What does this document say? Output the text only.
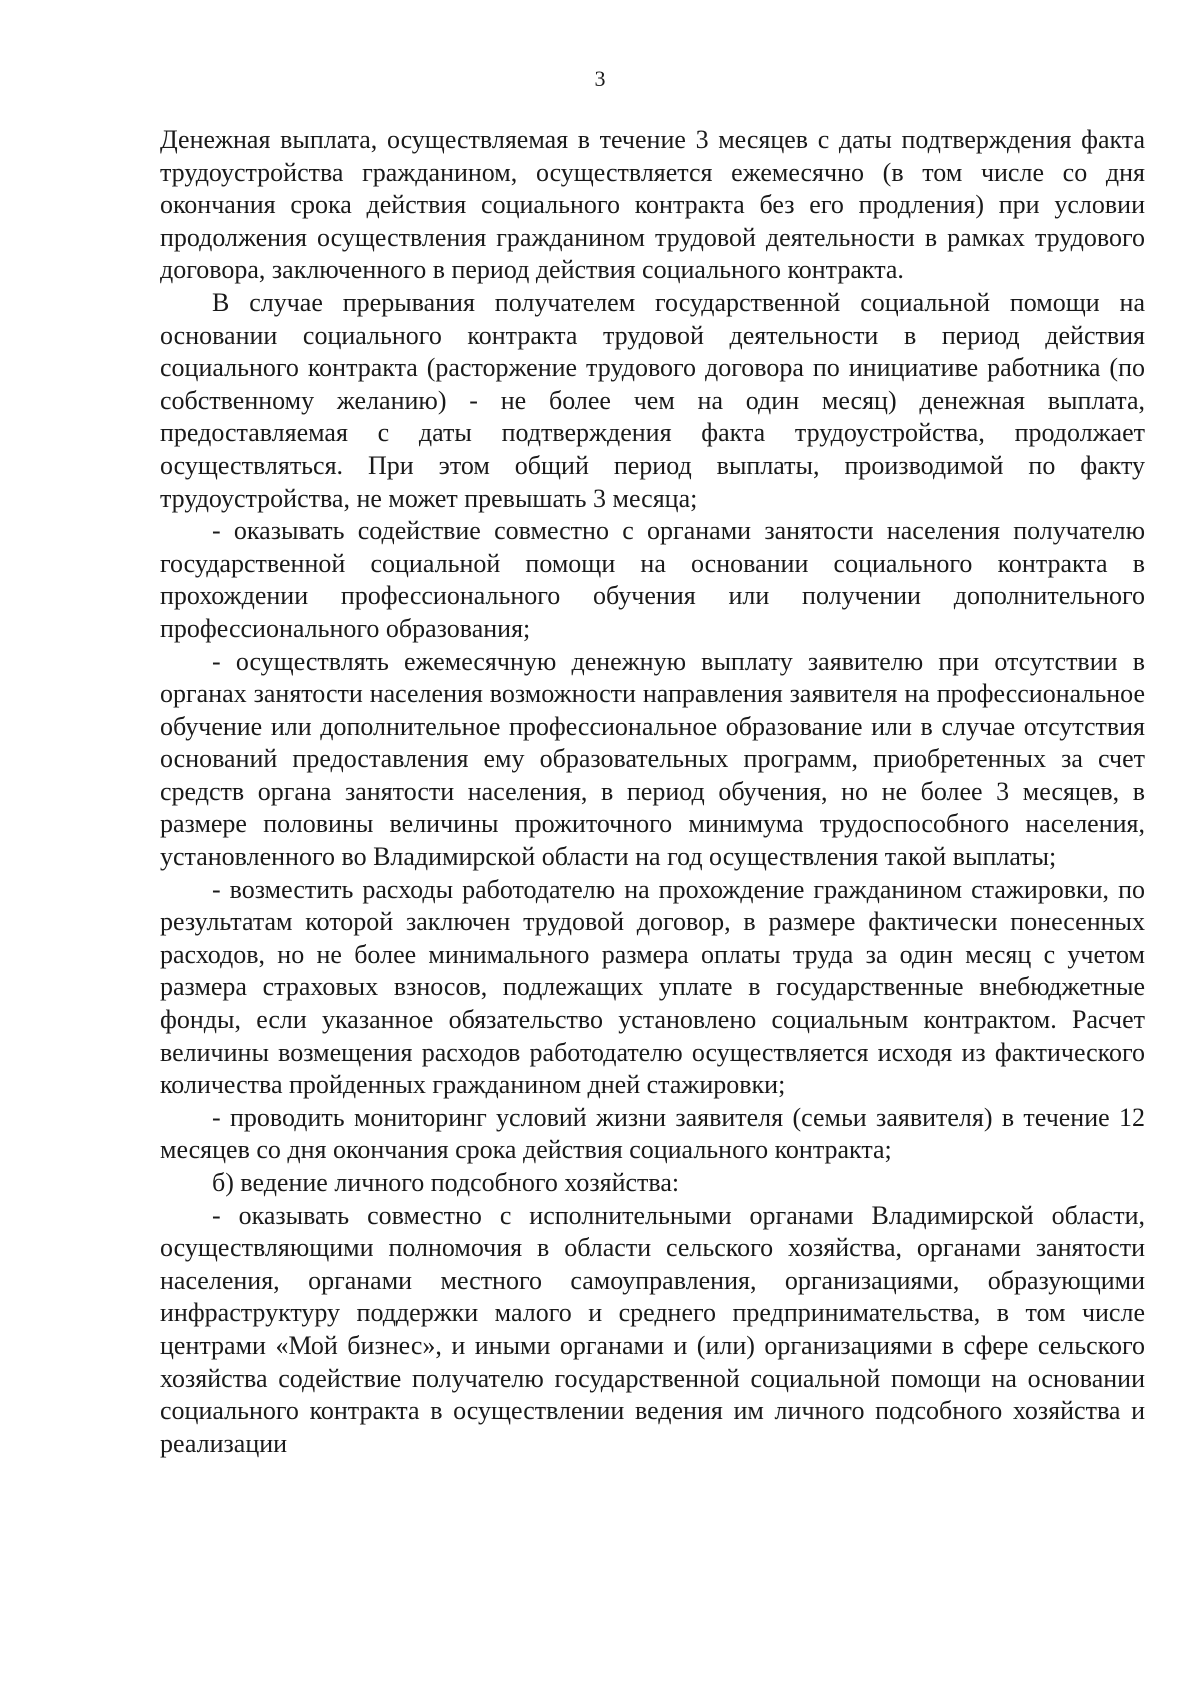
3

Денежная выплата, осуществляемая в течение 3 месяцев с даты подтверждения факта трудоустройства гражданином, осуществляется ежемесячно (в том числе со дня окончания срока действия социального контракта без его продления) при условии продолжения осуществления гражданином трудовой деятельности в рамках трудового договора, заключенного в период действия социального контракта.

В случае прерывания получателем государственной социальной помощи на основании социального контракта трудовой деятельности в период действия социального контракта (расторжение трудового договора по инициативе работника (по собственному желанию) - не более чем на один месяц) денежная выплата, предоставляемая с даты подтверждения факта трудоустройства, продолжает осуществляться. При этом общий период выплаты, производимой по факту трудоустройства, не может превышать 3 месяца;

- оказывать содействие совместно с органами занятости населения получателю государственной социальной помощи на основании социального контракта в прохождении профессионального обучения или получении дополнительного профессионального образования;

- осуществлять ежемесячную денежную выплату заявителю при отсутствии в органах занятости населения возможности направления заявителя на профессиональное обучение или дополнительное профессиональное образование или в случае отсутствия оснований предоставления ему образовательных программ, приобретенных за счет средств органа занятости населения, в период обучения, но не более 3 месяцев, в размере половины величины прожиточного минимума трудоспособного населения, установленного во Владимирской области на год осуществления такой выплаты;

- возместить расходы работодателю на прохождение гражданином стажировки, по результатам которой заключен трудовой договор, в размере фактически понесенных расходов, но не более минимального размера оплаты труда за один месяц с учетом размера страховых взносов, подлежащих уплате в государственные внебюджетные фонды, если указанное обязательство установлено социальным контрактом. Расчет величины возмещения расходов работодателю осуществляется исходя из фактического количества пройденных гражданином дней стажировки;

- проводить мониторинг условий жизни заявителя (семьи заявителя) в течение 12 месяцев со дня окончания срока действия социального контракта;

б) ведение личного подсобного хозяйства:

- оказывать совместно с исполнительными органами Владимирской области, осуществляющими полномочия в области сельского хозяйства, органами занятости населения, органами местного самоуправления, организациями, образующими инфраструктуру поддержки малого и среднего предпринимательства, в том числе центрами «Мой бизнес», и иными органами и (или) организациями в сфере сельского хозяйства содействие получателю государственной социальной помощи на основании социального контракта в осуществлении ведения им личного подсобного хозяйства и реализации
